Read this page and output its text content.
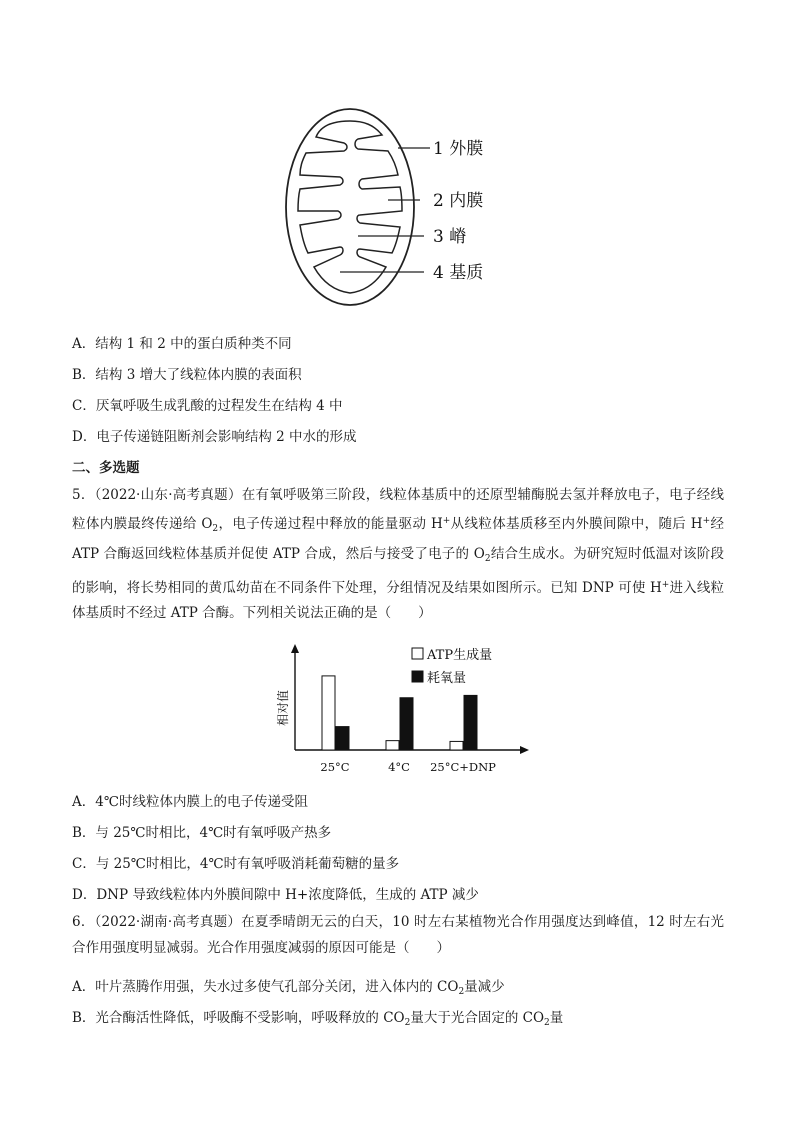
1 外膜
2 内膜
3 嵴
4 基质
A．结构 1 和 2 中的蛋白质种类不同
B．结构 3 增大了线粒体内膜的表面积
C．厌氧呼吸生成乳酸的过程发生在结构 4 中
D．电子传递链阻断剂会影响结构 2 中水的形成
二、多选题
5．（2022·山东·高考真题）在有氧呼吸第三阶段，线粒体基质中的还原型辅酶脱去氢并释放电子，电子经线粒体内膜最终传递给 $O_2$，电子传递过程中释放的能量驱动 H+从线粒体基质移至内外膜间隙中，随后 H+经 ATP 合酶返回线粒体基质并促使 ATP 合成，然后与接受了电子的 $O_2$结合生成水。为研究短时低温对该阶段的影响，将长势相同的黄瓜幼苗在不同条件下处理，分组情况及结果如图所示。已知 DNP 可使 H+进入线粒体基质时不经过 ATP 合酶。下列相关说法正确的是（　　）
相对值
25°C	4°C 25°C+DNP
ATP生成量
耗氧量
A．4℃时线粒体内膜上的电子传递受阻
B．与 25℃时相比，4℃时有氧呼吸产热多
C．与 25℃时相比，4℃时有氧呼吸消耗葡萄糖的量多
D．DNP 导致线粒体内外膜间隙中 H+浓度降低，生成的 ATP 减少
6．（2022·湖南·高考真题）在夏季晴朗无云的白天，10 时左右某植物光合作用强度达到峰值，12 时左右光合作用强度明显减弱。光合作用强度减弱的原因可能是（　　）
A．叶片蒸腾作用强，失水过多使气孔部分关闭，进入体内的 $CO_2$量减少
B．光合酶活性降低，呼吸酶不受影响，呼吸释放的 $CO_2$量大于光合固定的 $CO_2$量
